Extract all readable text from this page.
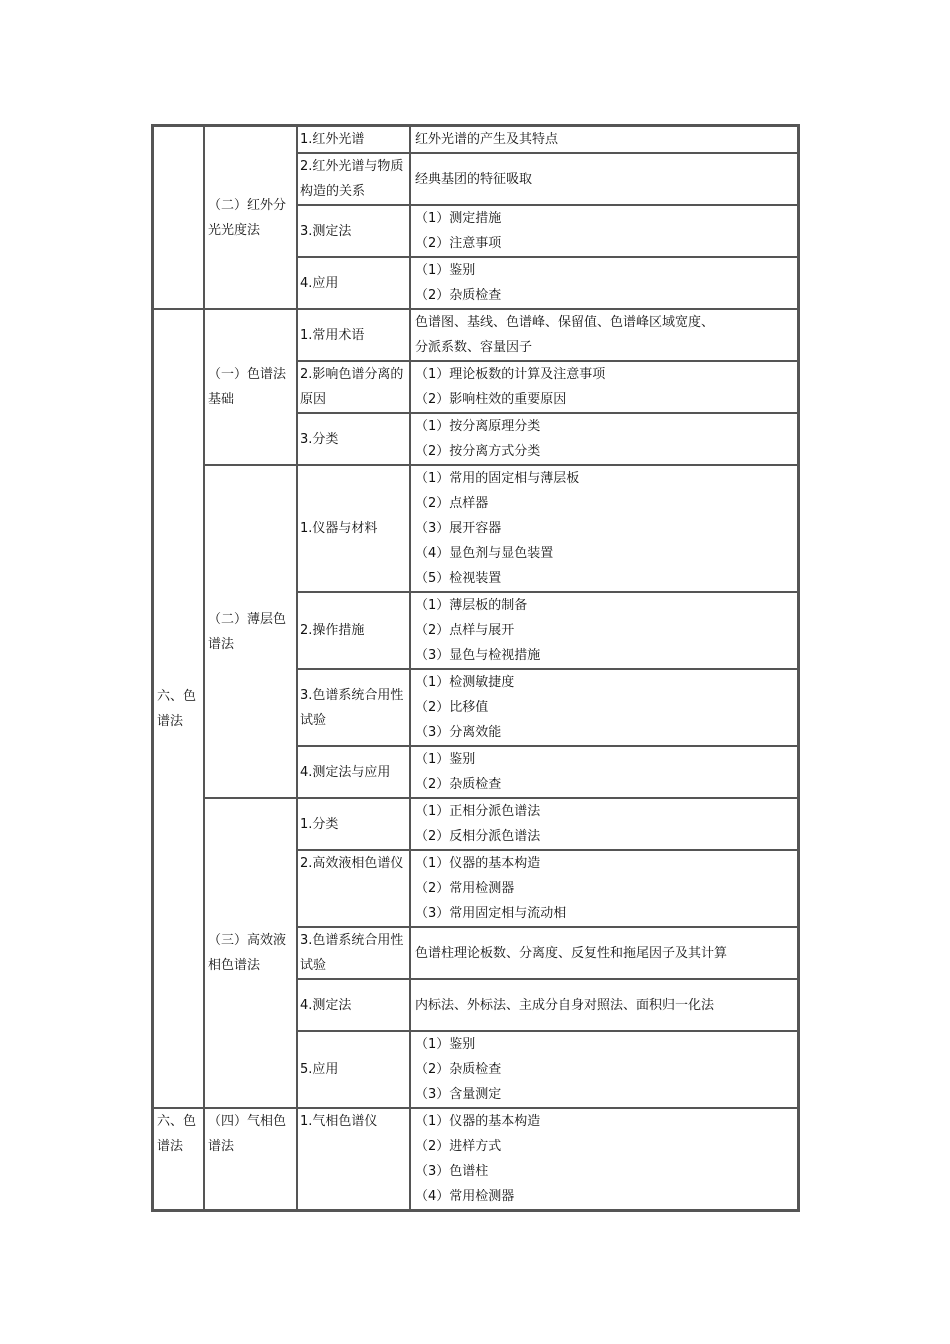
	（二）红外分光光度法	1.红外光谱	红外光谱的产生及其特点

		2.红外光谱与物质构造的关系	经典基团的特征吸取

		3.测定法	（1）测定措施
（2）注意事项

		4.应用	（1）鉴别
（2）杂质检查

六、色谱法	（一）色谱法基础	1.常用术语	色谱图、基线、色谱峰、保留值、色谱峰区域宽度、分派系数、容量因子

		2.影响色谱分离的原因	（1）理论板数的计算及注意事项
（2）影响柱效的重要原因

		3.分类	（1）按分离原理分类
（2）按分离方式分类

	（二）薄层色谱法	1.仪器与材料	（1）常用的固定相与薄层板
（2）点样器
（3）展开容器
（4）显色剂与显色装置
（5）检视装置

		2.操作措施	（1）薄层板的制备
（2）点样与展开
（3）显色与检视措施

		3.色谱系统合用性试验	（1）检测敏捷度
（2）比移值
（3）分离效能

		4.测定法与应用	（1）鉴别
（2）杂质检查

	（三）高效液相色谱法	1.分类	（1）正相分派色谱法
（2）反相分派色谱法

		2.高效液相色谱仪	（1）仪器的基本构造
（2）常用检测器
（3）常用固定相与流动相

		3.色谱系统合用性试验	色谱柱理论板数、分离度、反复性和拖尾因子及其计算

		4.测定法	内标法、外标法、主成分自身对照法、面积归一化法

		5.应用	（1）鉴别
（2）杂质检查
（3）含量测定

六、色谱法	（四）气相色谱法	1.气相色谱仪	（1）仪器的基本构造
（2）进样方式
（3）色谱柱
（4）常用检测器
